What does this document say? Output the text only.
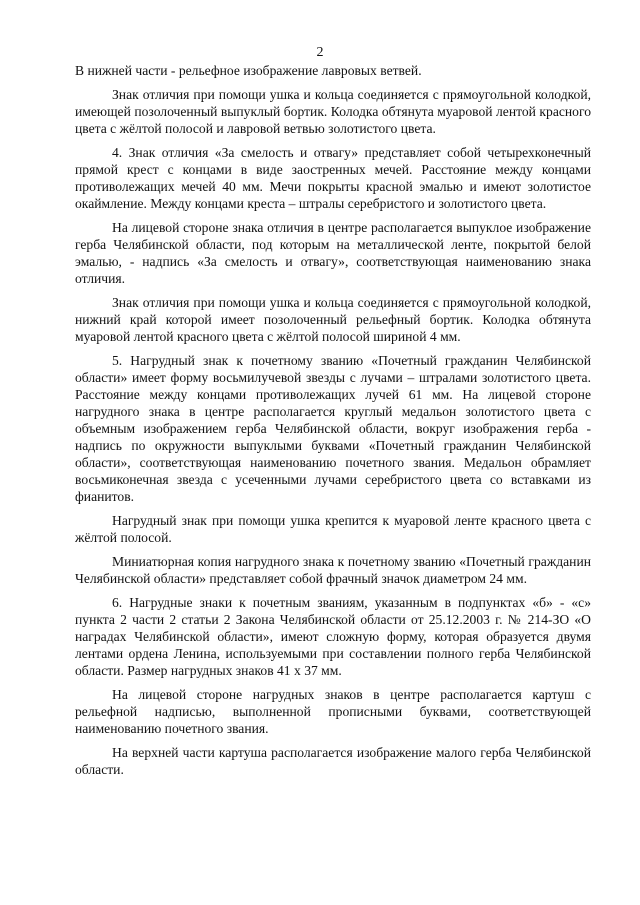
2

В нижней части - рельефное изображение лавровых ветвей.

Знак отличия при помощи ушка и кольца соединяется с прямоугольной колодкой, имеющей позолоченный выпуклый бортик. Колодка обтянута муаровой лентой красного цвета с жёлтой полосой и лавровой ветвью золотистого цвета.

4. Знак отличия «За смелость и отвагу» представляет собой четырехконечный прямой крест с концами в виде заостренных мечей. Расстояние между концами противолежащих мечей 40 мм. Мечи покрыты красной эмалью и имеют золотистое окаймление. Между концами креста – штралы серебристого и золотистого цвета.

На лицевой стороне знака отличия в центре располагается выпуклое изображение герба Челябинской области, под которым на металлической ленте, покрытой белой эмалью, - надпись «За смелость и отвагу», соответствующая наименованию знака отличия.

Знак отличия при помощи ушка и кольца соединяется с прямоугольной колодкой, нижний край которой имеет позолоченный рельефный бортик. Колодка обтянута муаровой лентой красного цвета с жёлтой полосой шириной 4 мм.

5. Нагрудный знак к почетному званию «Почетный гражданин Челябинской области» имеет форму восьмилучевой звезды с лучами – штралами золотистого цвета. Расстояние между концами противолежащих лучей 61 мм. На лицевой стороне нагрудного знака в центре располагается круглый медальон золотистого цвета с объемным изображением герба Челябинской области, вокруг изображения герба - надпись по окружности выпуклыми буквами «Почетный гражданин Челябинской области», соответствующая наименованию почетного звания. Медальон обрамляет восьмиконечная звезда с усеченными лучами серебристого цвета со вставками из фианитов.

Нагрудный знак при помощи ушка крепится к муаровой ленте красного цвета с жёлтой полосой.

Миниатюрная копия нагрудного знака к почетному званию «Почетный гражданин Челябинской области» представляет собой фрачный значок диаметром 24 мм.

6. Нагрудные знаки к почетным званиям, указанным в подпунктах «б» - «с» пункта 2 части 2 статьи 2 Закона Челябинской области от 25.12.2003 г. № 214-ЗО «О наградах Челябинской области», имеют сложную форму, которая образуется двумя лентами ордена Ленина, используемыми при составлении полного герба Челябинской области. Размер нагрудных знаков 41 х 37 мм.

На лицевой стороне нагрудных знаков в центре располагается картуш с рельефной надписью, выполненной прописными буквами, соответствующей наименованию почетного звания.

На верхней части картуша располагается изображение малого герба Челябинской области.
